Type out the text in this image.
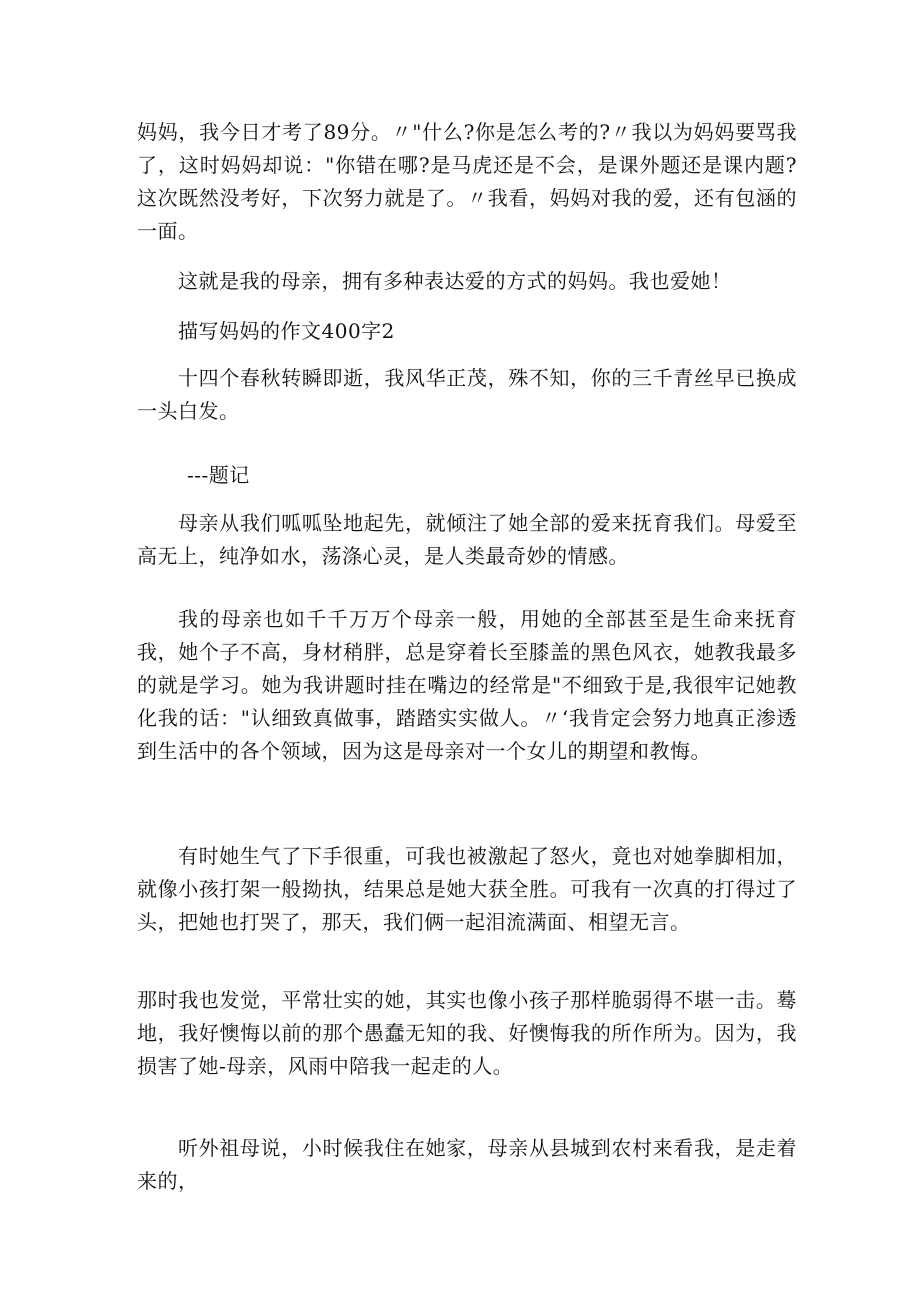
妈妈，我今日才考了89分。〃"什么?你是怎么考的?〃我以为妈妈要骂我了，这时妈妈却说："你错在哪?是马虎还是不会，是课外题还是课内题?这次既然没考好，下次努力就是了。〃我看，妈妈对我的爱，还有包涵的一面。

这就是我的母亲，拥有多种表达爱的方式的妈妈。我也爱她！

描写妈妈的作文400字2

十四个春秋转瞬即逝，我风华正茂，殊不知，你的三千青丝早已换成一头白发。

---题记

母亲从我们呱呱坠地起先，就倾注了她全部的爱来抚育我们。母爱至高无上，纯净如水，荡涤心灵，是人类最奇妙的情感。

我的母亲也如千千万万个母亲一般，用她的全部甚至是生命来抚育我，她个子不高，身材稍胖，总是穿着长至膝盖的黑色风衣，她教我最多的就是学习。她为我讲题时挂在嘴边的经常是"不细致于是,我很牢记她教化我的话："认细致真做事，踏踏实实做人。〃‘我肯定会努力地真正渗透到生活中的各个领域，因为这是母亲对一个女儿的期望和教悔。

有时她生气了下手很重，可我也被激起了怒火，竟也对她拳脚相加，就像小孩打架一般拗执，结果总是她大获全胜。可我有一次真的打得过了头，把她也打哭了，那天，我们俩一起泪流满面、相望无言。

那时我也发觉，平常壮实的她，其实也像小孩子那样脆弱得不堪一击。蓦地，我好懊悔以前的那个愚蠢无知的我、好懊悔我的所作所为。因为，我损害了她-母亲，风雨中陪我一起走的人。

听外祖母说，小时候我住在她家，母亲从县城到农村来看我，是走着来的，
